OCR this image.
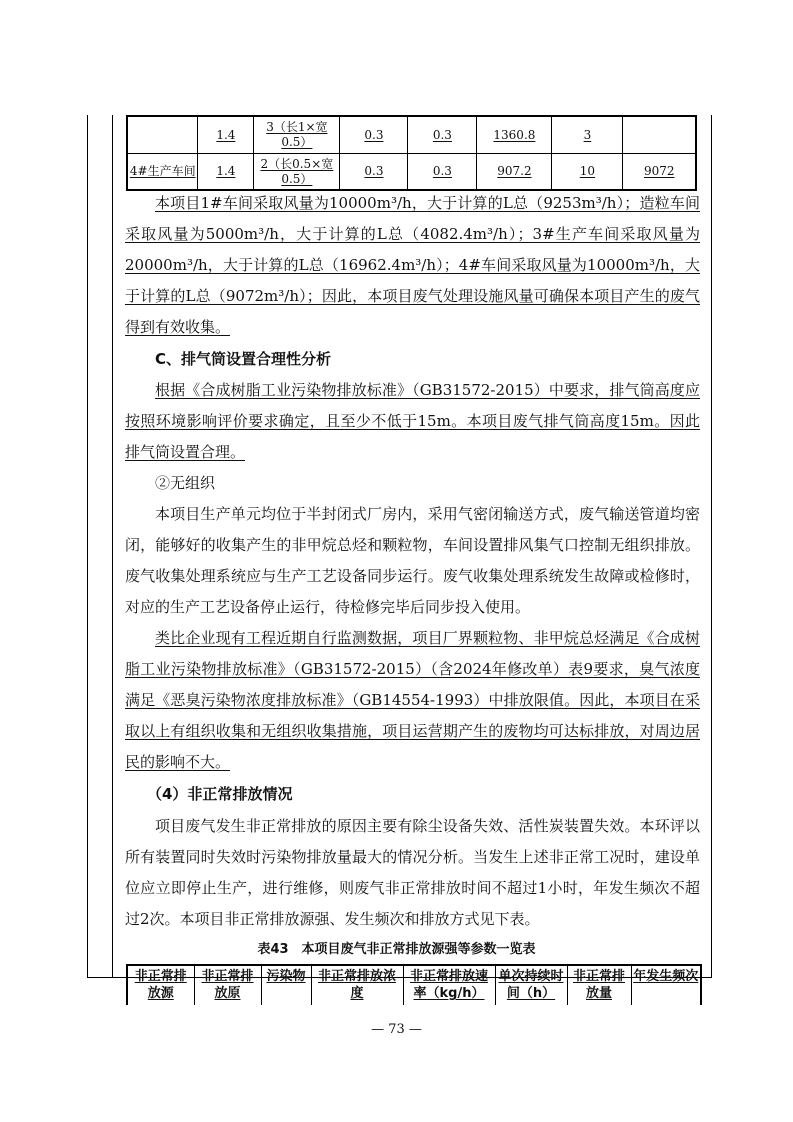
	1.4	3（长1×宽0.5）	0.3	0.3	1360.8	3	
4#生产车间	1.4	2（长0.5×宽0.5）	0.3	0.3	907.2	10	9072

本项目1#车间采取风量为10000m³/h，大于计算的L总（9253m³/h）；造粒车间采取风量为5000m³/h，大于计算的L总（4082.4m³/h）；3#生产车间采取风量为20000m³/h，大于计算的L总（16962.4m³/h）；4#车间采取风量为10000m³/h，大于计算的L总（9072m³/h）；因此，本项目废气处理设施风量可确保本项目产生的废气得到有效收集。

C、排气筒设置合理性分析

根据《合成树脂工业污染物排放标准》（GB31572-2015）中要求，排气筒高度应按照环境影响评价要求确定，且至少不低于15m。本项目废气排气筒高度15m。因此排气筒设置合理。

②无组织

本项目生产单元均位于半封闭式厂房内，采用气密闭输送方式，废气输送管道均密闭，能够好的收集产生的非甲烷总烃和颗粒物，车间设置排风集气口控制无组织排放。废气收集处理系统应与生产工艺设备同步运行。废气收集处理系统发生故障或检修时，对应的生产工艺设备停止运行，待检修完毕后同步投入使用。

类比企业现有工程近期自行监测数据，项目厂界颗粒物、非甲烷总烃满足《合成树脂工业污染物排放标准》（GB31572-2015）（含2024年修改单）表9要求，臭气浓度满足《恶臭污染物浓度排放标准》（GB14554-1993）中排放限值。因此，本项目在采取以上有组织收集和无组织收集措施，项目运营期产生的废物均可达标排放，对周边居民的影响不大。

（4）非正常排放情况

项目废气发生非正常排放的原因主要有除尘设备失效、活性炭装置失效。本环评以所有装置同时失效时污染物排放量最大的情况分析。当发生上述非正常工况时，建设单位应立即停止生产，进行维修，则废气非正常排放时间不超过1小时，年发生频次不超过2次。本项目非正常排放源强、发生频次和排放方式见下表。

表43　本项目废气非正常排放源强等参数一览表
非正常排放源	非正常排放原	污染物	非正常排放浓度	非正常排放速率（kg/h）	单次持续时间（h）	非正常排放量	年发生频次
— 73 —
